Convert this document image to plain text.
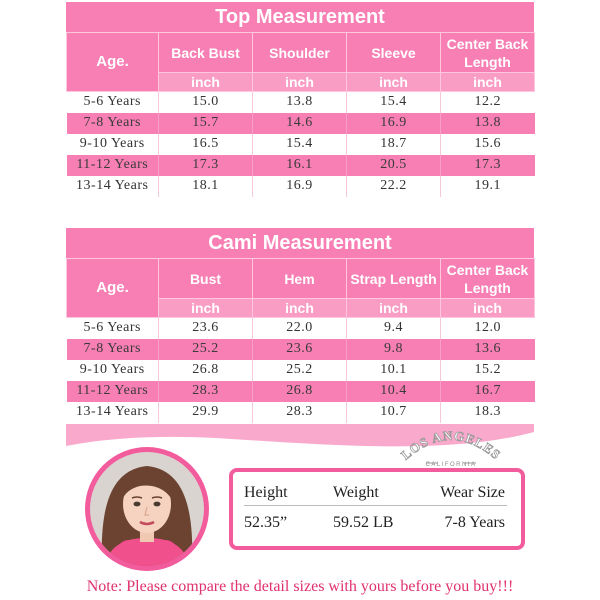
Top Measurement
Age.	Back Bust	Shoulder	Sleeve	Center Back Length
	inch	inch	inch	inch
5-6 Years	15.0	13.8	15.4	12.2
7-8 Years	15.7	14.6	16.9	13.8
9-10 Years	16.5	15.4	18.7	15.6
11-12 Years	17.3	16.1	20.5	17.3
13-14 Years	18.1	16.9	22.2	19.1
Cami Measurement
Age.	Bust	Hem	Strap Length	Center Back Length
	inch	inch	inch	inch
5-6 Years	23.6	22.0	9.4	12.0
7-8 Years	25.2	23.6	9.8	13.6
9-10 Years	26.8	25.2	10.1	15.2
11-12 Years	28.3	26.8	10.4	16.7
13-14 Years	29.9	28.3	10.7	18.3
LOS ANGELES
CALIFORNIA
Height	Weight	Wear Size
52.35”	59.52 LB	7-8 Years
Note: Please compare the detail sizes with yours before you buy!!!
